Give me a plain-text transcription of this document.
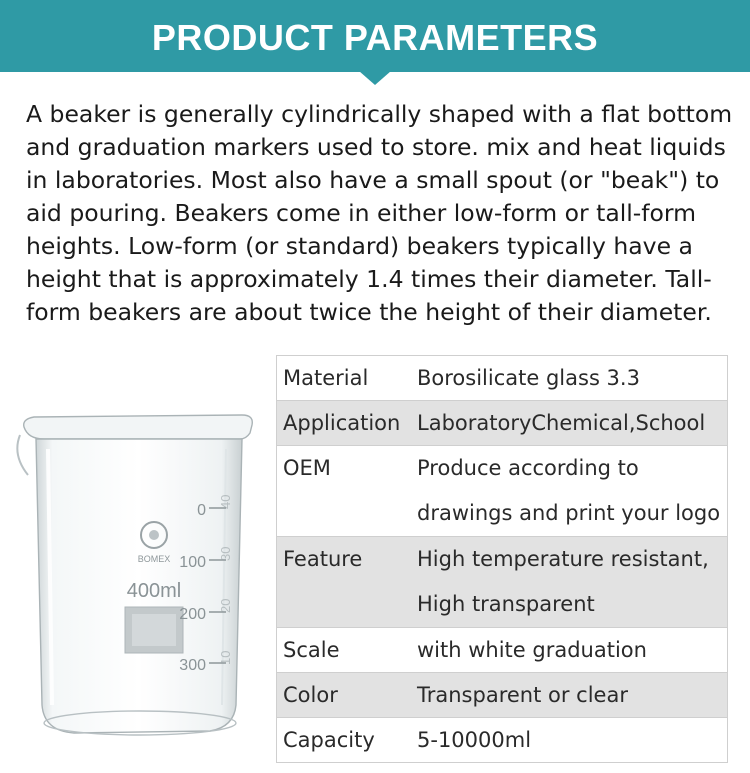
PRODUCT PARAMETERS

A beaker is generally cylindrically shaped with a flat bottom and graduation markers used to store. mix and heat liquids in laboratories. Most also have a small spout (or "beak") to aid pouring. Beakers come in either low-form or tall-form heights. Low-form (or standard) beakers typically have a height that is approximately 1.4 times their diameter. Tall-form beakers are about twice the height of their diameter.

BOMEX
400ml
0
100
200
300
40
30
20
10
Material	Borosilicate glass 3.3
Application	LaboratoryChemical,School
OEM	Produce according to
drawings and print your logo

Feature	High temperature resistant,
High transparent

Scale	with white graduation
Color	Transparent or clear
Capacity	5-10000ml
